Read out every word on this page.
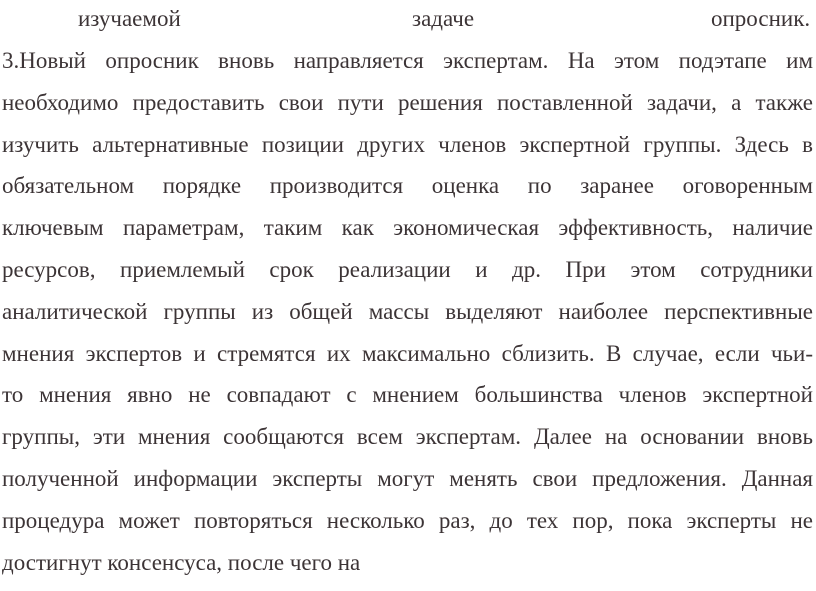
изучаемой	задаче	опросник.
3.Новый опросник вновь направляется экспертам. На этом подэтапе им
необходимо предоставить свои пути решения поставленной задачи, а также
изучить альтернативные позиции других членов экспертной группы. Здесь в
обязательном порядке производится оценка по заранее оговоренным
ключевым параметрам, таким как экономическая эффективность, наличие
ресурсов, приемлемый срок реализации и др. При этом сотрудники
аналитической группы из общей массы выделяют наиболее перспективные
мнения экспертов и стремятся их максимально сблизить. В случае, если чьи-
то мнения явно не совпадают с мнением большинства членов экспертной
группы, эти мнения сообщаются всем экспертам. Далее на основании вновь
полученной информации эксперты могут менять свои предложения. Данная
процедура может повторяться несколько раз, до тех пор, пока эксперты не
достигнут консенсуса, после чего на
